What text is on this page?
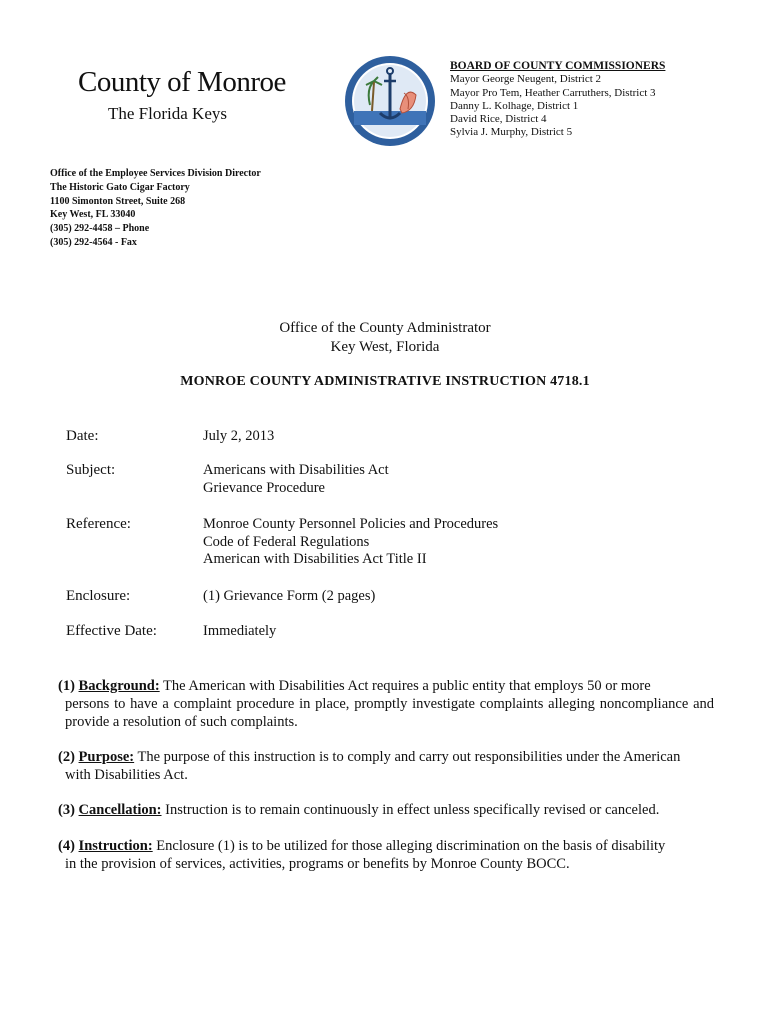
County of Monroe
The Florida Keys
BOARD OF COUNTY COMMISSIONERS
Mayor George Neugent, District 2
Mayor Pro Tem, Heather Carruthers, District 3
Danny L. Kolhage, District 1
David Rice, District 4
Sylvia J. Murphy, District 5
Office of the Employee Services Division Director
The Historic Gato Cigar Factory
1100 Simonton Street, Suite 268
Key West, FL 33040
(305) 292-4458 – Phone
(305) 292-4564 - Fax
Office of the County Administrator
Key West, Florida
MONROE COUNTY ADMINISTRATIVE INSTRUCTION 4718.1
Date:	July 2, 2013
Subject:	Americans with Disabilities Act
Grievance Procedure
Reference:	Monroe County Personnel Policies and Procedures
Code of Federal Regulations
American with Disabilities Act Title II
Enclosure:	(1) Grievance Form (2 pages)
Effective Date:	Immediately
(1) Background: The American with Disabilities Act requires a public entity that employs 50 or more
persons to have a complaint procedure in place, promptly investigate complaints alleging noncompliance and provide a resolution of such complaints.
(2) Purpose: The purpose of this instruction is to comply and carry out responsibilities under the American
with Disabilities Act.
(3) Cancellation: Instruction is to remain continuously in effect unless specifically revised or canceled.
(4) Instruction: Enclosure (1) is to be utilized for those alleging discrimination on the basis of disability
in the provision of services, activities, programs or benefits by Monroe County BOCC.
